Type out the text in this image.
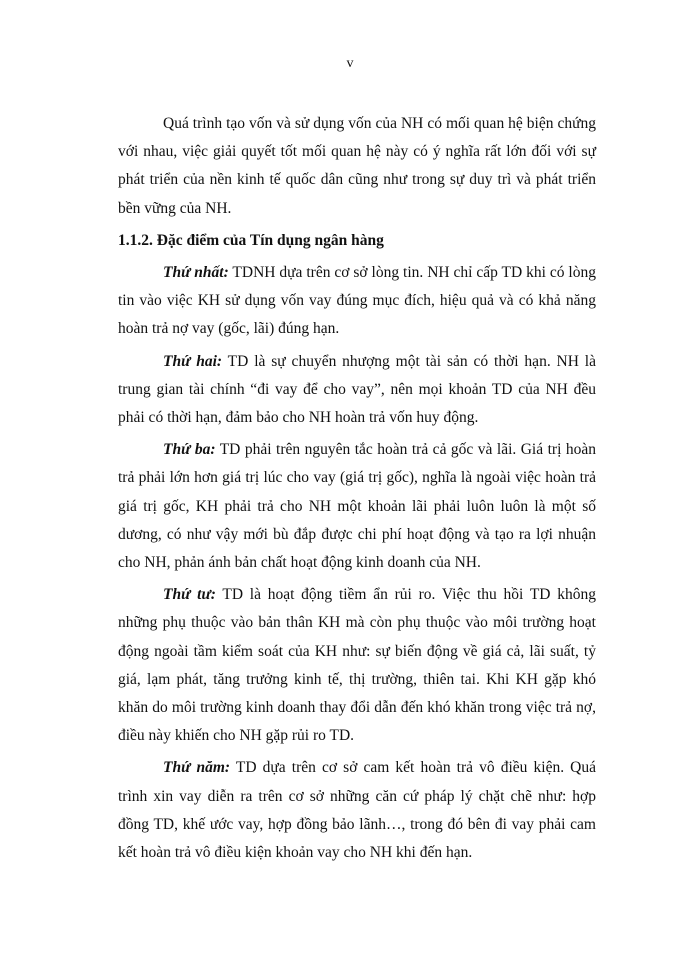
v

Quá trình tạo vốn và sử dụng vốn của NH có mối quan hệ biện chứng với nhau, việc giải quyết tốt mối quan hệ này có ý nghĩa rất lớn đối với sự phát triển của nền kinh tế quốc dân cũng như trong sự duy trì và phát triển bền vững của NH.

1.1.2. Đặc điểm của Tín dụng ngân hàng

Thứ nhất: TDNH dựa trên cơ sở lòng tin. NH chỉ cấp TD khi có lòng tin vào việc KH sử dụng vốn vay đúng mục đích, hiệu quả và có khả năng hoàn trả nợ vay (gốc, lãi) đúng hạn.

Thứ hai: TD là sự chuyển nhượng một tài sản có thời hạn. NH là trung gian tài chính “đi vay để cho vay”, nên mọi khoản TD của NH đều phải có thời hạn, đảm bảo cho NH hoàn trả vốn huy động.

Thứ ba: TD phải trên nguyên tắc hoàn trả cả gốc và lãi. Giá trị hoàn trả phải lớn hơn giá trị lúc cho vay (giá trị gốc), nghĩa là ngoài việc hoàn trả giá trị gốc, KH phải trả cho NH một khoản lãi phải luôn luôn là một số dương, có như vậy mới bù đắp được chi phí hoạt động và tạo ra lợi nhuận cho NH, phản ánh bản chất hoạt động kinh doanh của NH.

Thứ tư: TD là hoạt động tiềm ẩn rủi ro. Việc thu hồi TD không những phụ thuộc vào bản thân KH mà còn phụ thuộc vào môi trường hoạt động ngoài tầm kiểm soát của KH như: sự biến động về giá cả, lãi suất, tỷ giá, lạm phát, tăng trưởng kinh tế, thị trường, thiên tai. Khi KH gặp khó khăn do môi trường kinh doanh thay đổi dẫn đến khó khăn trong việc trả nợ, điều này khiến cho NH gặp rủi ro TD.

Thứ năm: TD dựa trên cơ sở cam kết hoàn trả vô điều kiện. Quá trình xin vay diễn ra trên cơ sở những căn cứ pháp lý chặt chẽ như: hợp đồng TD, khế ước vay, hợp đồng bảo lãnh…, trong đó bên đi vay phải cam kết hoàn trả vô điều kiện khoản vay cho NH khi đến hạn.
